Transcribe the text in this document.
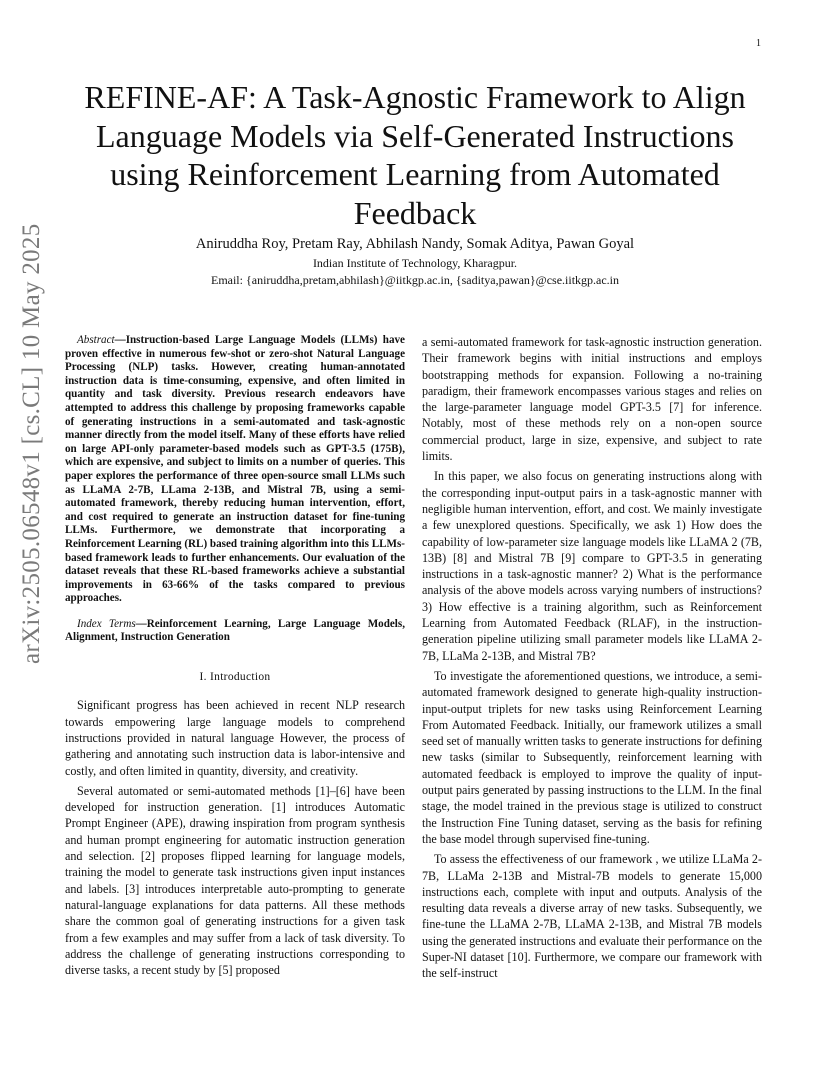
1
arXiv:2505.06548v1 [cs.CL] 10 May 2025
REFINE-AF: A Task-Agnostic Framework to Align Language Models via Self-Generated Instructions using Reinforcement Learning from Automated Feedback
Aniruddha Roy, Pretam Ray, Abhilash Nandy, Somak Aditya, Pawan Goyal
Indian Institute of Technology, Kharagpur.
Email: {aniruddha,pretam,abhilash}@iitkgp.ac.in, {saditya,pawan}@cse.iitkgp.ac.in

Abstract—Instruction-based Large Language Models (LLMs) have proven effective in numerous few-shot or zero-shot Natural Language Processing (NLP) tasks. However, creating human-annotated instruction data is time-consuming, expensive, and often limited in quantity and task diversity. Previous research endeavors have attempted to address this challenge by proposing frameworks capable of generating instructions in a semi-automated and task-agnostic manner directly from the model itself. Many of these efforts have relied on large API-only parameter-based models such as GPT-3.5 (175B), which are expensive, and subject to limits on a number of queries. This paper explores the performance of three open-source small LLMs such as LLaMA 2-7B, LLama 2-13B, and Mistral 7B, using a semi-automated framework, thereby reducing human intervention, effort, and cost required to generate an instruction dataset for fine-tuning LLMs. Furthermore, we demonstrate that incorporating a Reinforcement Learning (RL) based training algorithm into this LLMs-based framework leads to further enhancements. Our evaluation of the dataset reveals that these RL-based frameworks achieve a substantial improvements in 63-66% of the tasks compared to previous approaches.

Index Terms—Reinforcement Learning, Large Language Models, Alignment, Instruction Generation

I. Introduction

Significant progress has been achieved in recent NLP research towards empowering large language models to comprehend instructions provided in natural language However, the process of gathering and annotating such instruction data is labor-intensive and costly, and often limited in quantity, diversity, and creativity.

Several automated or semi-automated methods [1]–[6] have been developed for instruction generation. [1] introduces Automatic Prompt Engineer (APE), drawing inspiration from program synthesis and human prompt engineering for automatic instruction generation and selection. [2] proposes flipped learning for language models, training the model to generate task instructions given input instances and labels. [3] introduces interpretable auto-prompting to generate natural-language explanations for data patterns. All these methods share the common goal of generating instructions for a given task from a few examples and may suffer from a lack of task diversity. To address the challenge of generating instructions corresponding to diverse tasks, a recent study by [5] proposed

a semi-automated framework for task-agnostic instruction generation. Their framework begins with initial instructions and employs bootstrapping methods for expansion. Following a no-training paradigm, their framework encompasses various stages and relies on the large-parameter language model GPT-3.5 [7] for inference. Notably, most of these methods rely on a non-open source commercial product, large in size, expensive, and subject to rate limits.

In this paper, we also focus on generating instructions along with the corresponding input-output pairs in a task-agnostic manner with negligible human intervention, effort, and cost. We mainly investigate a few unexplored questions. Specifically, we ask 1) How does the capability of low-parameter size language models like LLaMA 2 (7B, 13B) [8] and Mistral 7B [9] compare to GPT-3.5 in generating instructions in a task-agnostic manner? 2) What is the performance analysis of the above models across varying numbers of instructions? 3) How effective is a training algorithm, such as Reinforcement Learning from Automated Feedback (RLAF), in the instruction-generation pipeline utilizing small parameter models like LLaMA 2-7B, LLaMa 2-13B, and Mistral 7B?

To investigate the aforementioned questions, we introduce, a semi-automated framework designed to generate high-quality instruction-input-output triplets for new tasks using Reinforcement Learning From Automated Feedback. Initially, our framework utilizes a small seed set of manually written tasks to generate instructions for defining new tasks (similar to Subsequently, reinforcement learning with automated feedback is employed to improve the quality of input-output pairs generated by passing instructions to the LLM. In the final stage, the model trained in the previous stage is utilized to construct the Instruction Fine Tuning dataset, serving as the basis for refining the base model through supervised fine-tuning.

To assess the effectiveness of our framework , we utilize LLaMa 2-7B, LLaMa 2-13B and Mistral-7B models to generate 15,000 instructions each, complete with input and outputs. Analysis of the resulting data reveals a diverse array of new tasks. Subsequently, we fine-tune the LLaMA 2-7B, LLaMA 2-13B, and Mistral 7B models using the generated instructions and evaluate their performance on the Super-NI dataset [10]. Furthermore, we compare our framework with the self-instruct
